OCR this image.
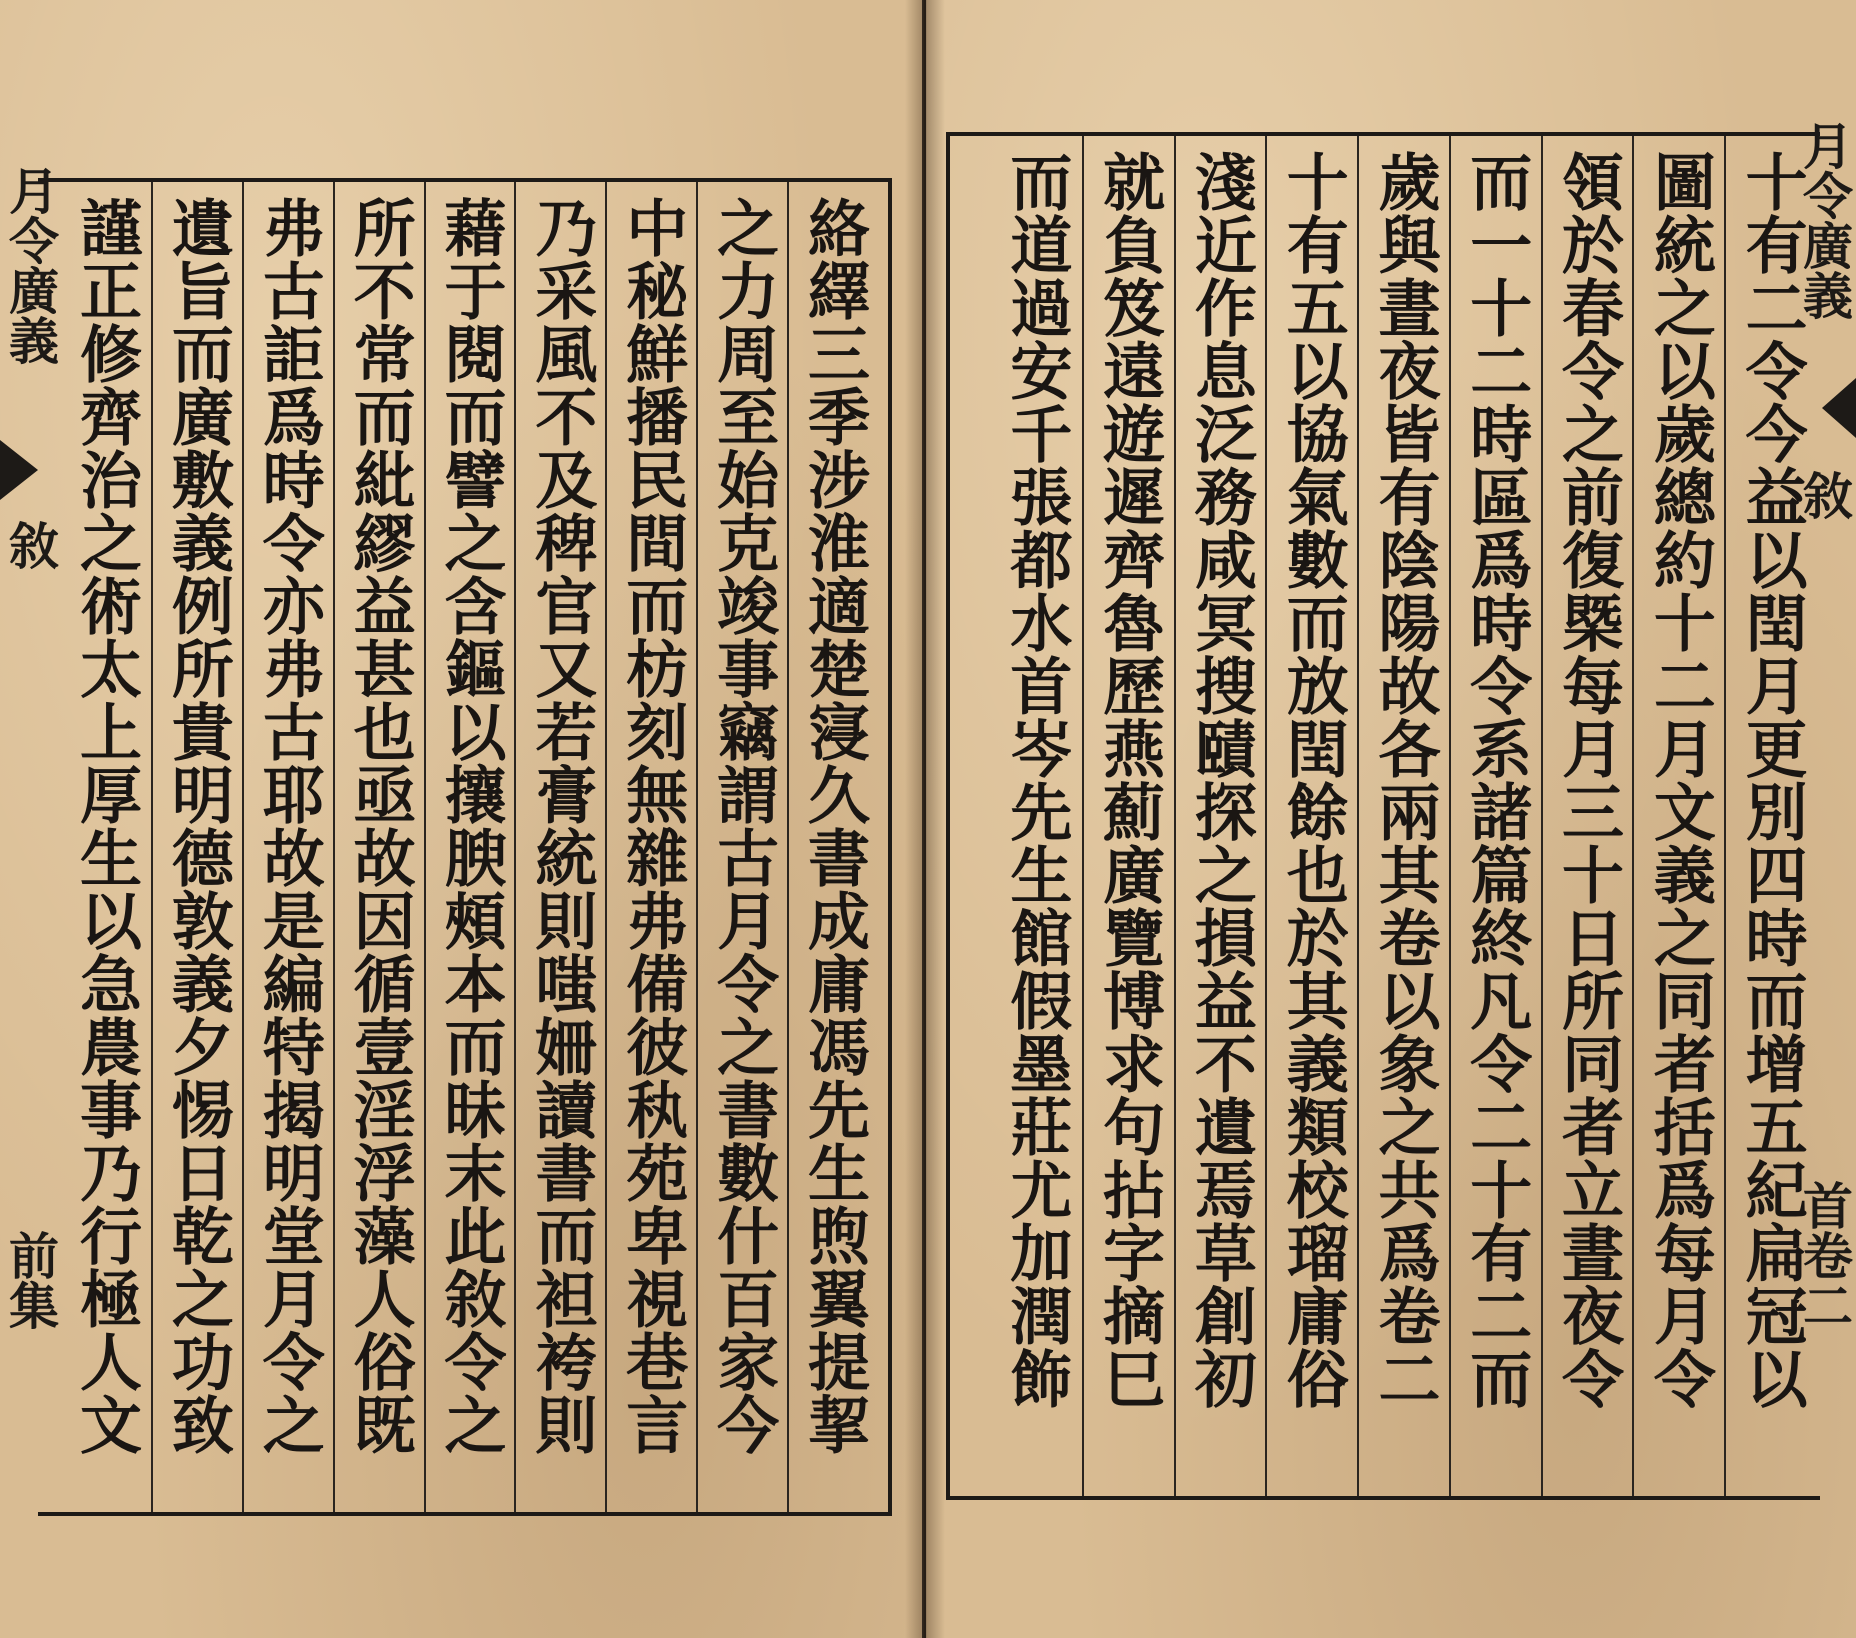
月令廣義
敘
前集	絡繹三季涉淮適楚寖久書成庸馮先生煦翼提挈
之力周至始克竣事竊謂古月令之書數什百家今
中秘鮮播民間而枋刻無雜弗備彼秇苑卑視巷言
乃采風不及稗官又若膏統則嗤姍讀書而袒袴則
藉于閱而譬之含鏂以攘腴頰本而昧末此敘令之
所不常而紕繆益甚也亟故因循壹淫浮藻人俗既
弗古詎爲時令亦弗古耶故是編特揭明堂月令之
遺旨而廣敷義例所貴明德敦義夕惕日乾之功致
謹正修齊治之術太上厚生以急農事乃行極人文	月令廣義
敘
首卷二
十有二令今益以閏月更別四時而增五紀扁冠以
圖統之以歲總約十二月文義之同者括爲每月令
領於春令之前復槩每月三十日所同者立晝夜令
而一十二時區爲時令系諸篇終凡令二十有二而
歲與晝夜皆有陰陽故各兩其卷以象之共爲卷二
十有五以協氣數而放閏餘也於其義類校瑠庸俗
淺近作息泛務咸冥搜賾探之損益不遺焉草創初
就負笈遠遊遲齊魯歷燕薊廣覽博求句拈字摘巳
而道過安千張都水首岑先生館假墨莊尤加潤飾
